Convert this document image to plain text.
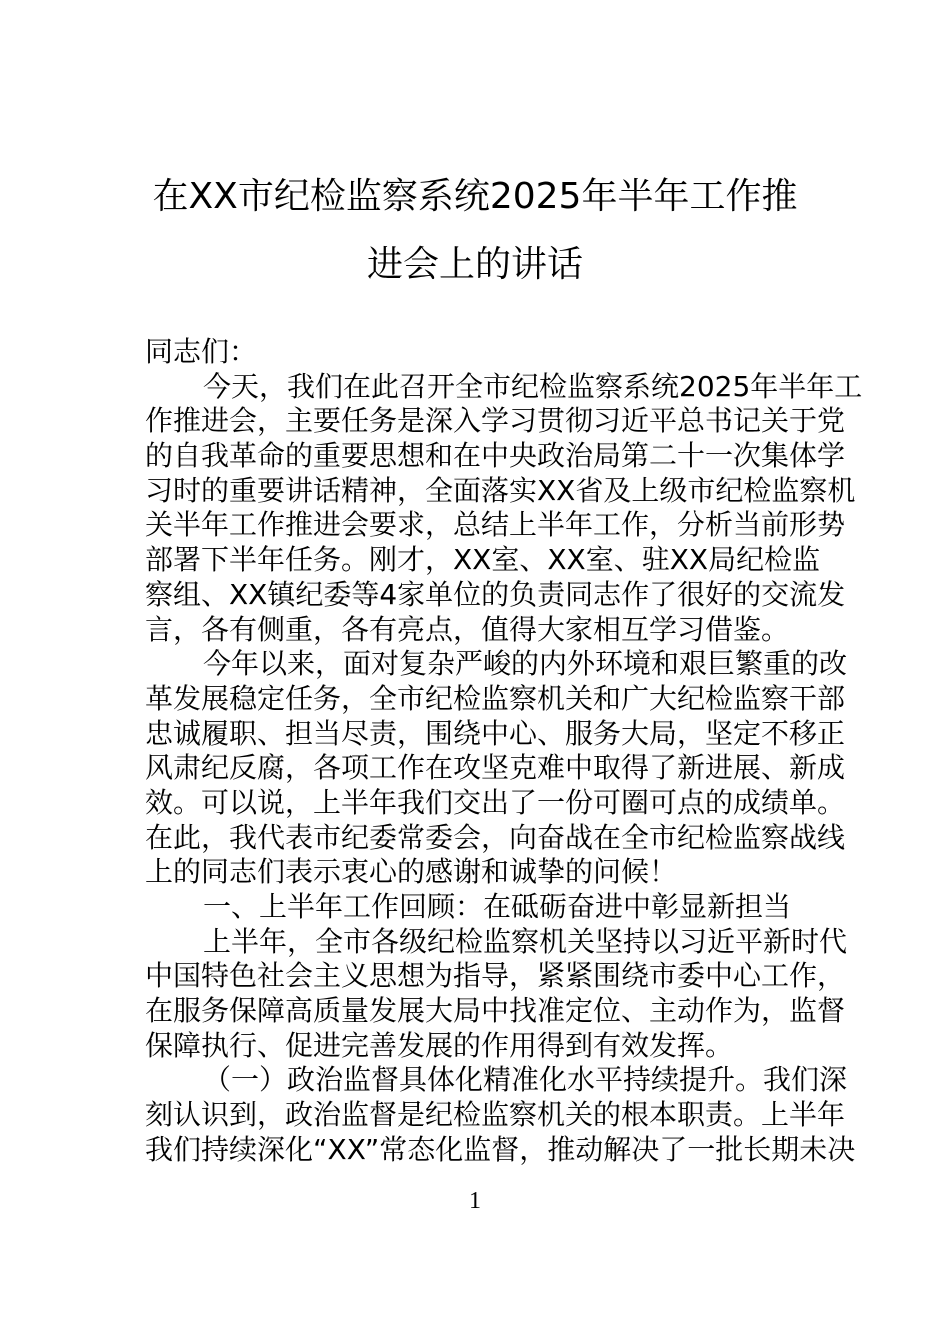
在XX市纪检监察系统2025年半年工作推
进会上的讲话
同志们：
今天，我们在此召开全市纪检监察系统2025年半年工
作推进会，主要任务是深入学习贯彻习近平总书记关于党
的自我革命的重要思想和在中央政治局第二十一次集体学
习时的重要讲话精神，全面落实XX省及上级市纪检监察机
关半年工作推进会要求，总结上半年工作，分析当前形势
部署下半年任务。刚才，XX室、XX室、驻XX局纪检监
察组、XX镇纪委等4家单位的负责同志作了很好的交流发
言，各有侧重，各有亮点，值得大家相互学习借鉴。
今年以来，面对复杂严峻的内外环境和艰巨繁重的改
革发展稳定任务，全市纪检监察机关和广大纪检监察干部
忠诚履职、担当尽责，围绕中心、服务大局，坚定不移正
风肃纪反腐，各项工作在攻坚克难中取得了新进展、新成
效。可以说，上半年我们交出了一份可圈可点的成绩单。
在此，我代表市纪委常委会，向奋战在全市纪检监察战线
上的同志们表示衷心的感谢和诚挚的问候！
一、上半年工作回顾：在砥砺奋进中彰显新担当
上半年，全市各级纪检监察机关坚持以习近平新时代
中国特色社会主义思想为指导，紧紧围绕市委中心工作，
在服务保障高质量发展大局中找准定位、主动作为，监督
保障执行、促进完善发展的作用得到有效发挥。
（一）政治监督具体化精准化水平持续提升。我们深
刻认识到，政治监督是纪检监察机关的根本职责。上半年
我们持续深化“XX”常态化监督，推动解决了一批长期未决
1
